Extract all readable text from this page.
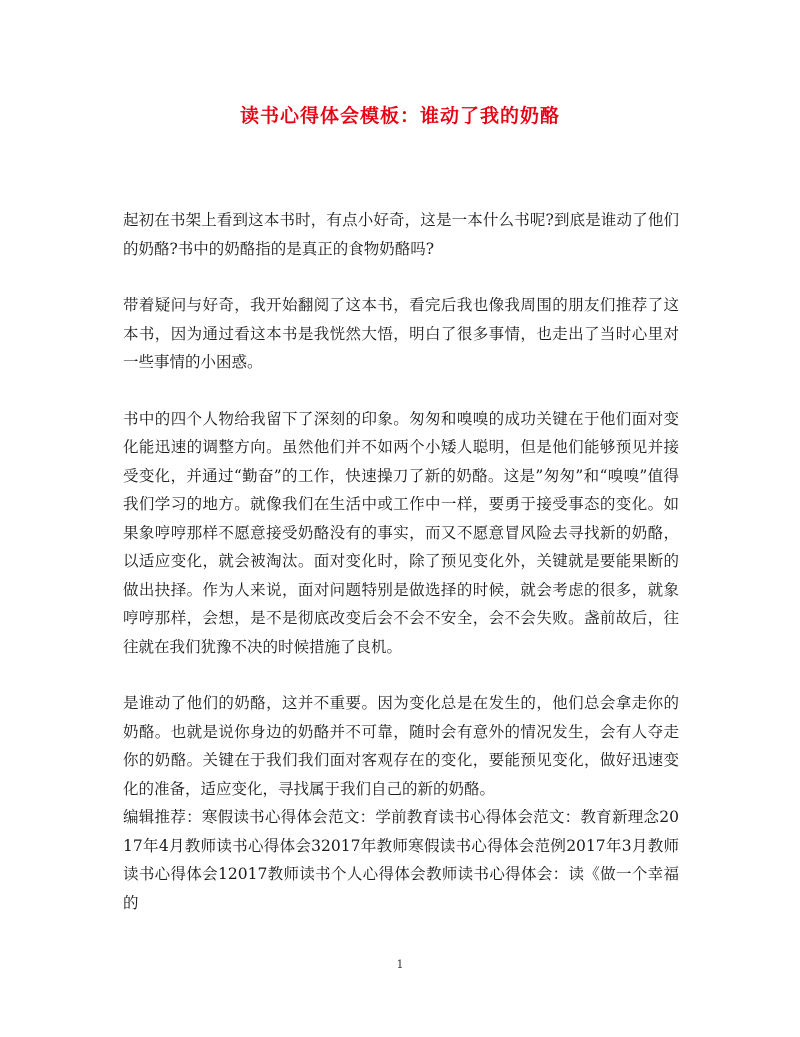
读书心得体会模板：谁动了我的奶酪

起初在书架上看到这本书时，有点小好奇，这是一本什么书呢?到底是谁动了他们的奶酪?书中的奶酪指的是真正的食物奶酪吗?

带着疑问与好奇，我开始翻阅了这本书，看完后我也像我周围的朋友们推荐了这本书，因为通过看这本书是我恍然大悟，明白了很多事情，也走出了当时心里对一些事情的小困惑。

书中的四个人物给我留下了深刻的印象。匆匆和嗅嗅的成功关键在于他们面对变化能迅速的调整方向。虽然他们并不如两个小矮人聪明，但是他们能够预见并接受变化，并通过“勤奋”的工作，快速操刀了新的奶酪。这是”匆匆”和“嗅嗅”值得我们学习的地方。就像我们在生活中或工作中一样，要勇于接受事态的变化。如果象哼哼那样不愿意接受奶酪没有的事实，而又不愿意冒风险去寻找新的奶酪，以适应变化，就会被淘汰。面对变化时，除了预见变化外，关键就是要能果断的做出抉择。作为人来说，面对问题特别是做选择的时候，就会考虑的很多，就象哼哼那样，会想，是不是彻底改变后会不会不安全，会不会失败。盏前故后，往往就在我们犹豫不决的时候措施了良机。

是谁动了他们的奶酪，这并不重要。因为变化总是在发生的，他们总会拿走你的奶酪。也就是说你身边的奶酪并不可靠，随时会有意外的情况发生，会有人夺走你的奶酪。关键在于我们我们面对客观存在的变化，要能预见变化，做好迅速变化的准备，适应变化，寻找属于我们自己的新的奶酪。

编辑推荐：寒假读书心得体会范文：学前教育读书心得体会范文：教育新理念2017年4月教师读书心得体会32017年教师寒假读书心得体会范例2017年3月教师读书心得体会12017教师读书个人心得体会教师读书心得体会：读《做一个幸福的

1
